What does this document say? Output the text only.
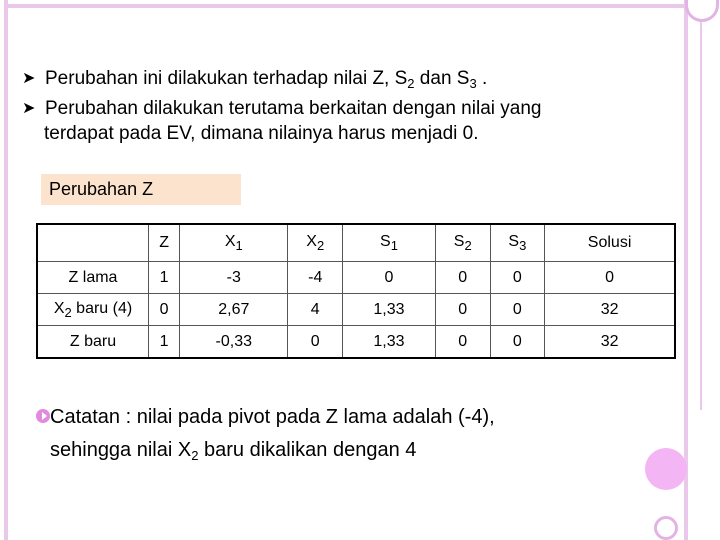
➤ Perubahan ini dilakukan terhadap nilai Z, $S_2$ dan $S_3$ .
➤ Perubahan dilakukan terutama berkaitan dengan nilai yang
terdapat pada EV, dimana nilainya harus menjadi 0.
Perubahan Z
	Z	$X_1$	$X_2$	$S_1$	$S_2$	$S_3$	Solusi
Z lama	1	-3	-4	0	0	0	0
$X_2$ baru (4)	0	2,67	4	1,33	0	0	32
Z baru	1	-0,33	0	1,33	0	0	32
Catatan : nilai pada pivot pada Z lama adalah (-4),
sehingga nilai $X_2$ baru dikalikan dengan 4
